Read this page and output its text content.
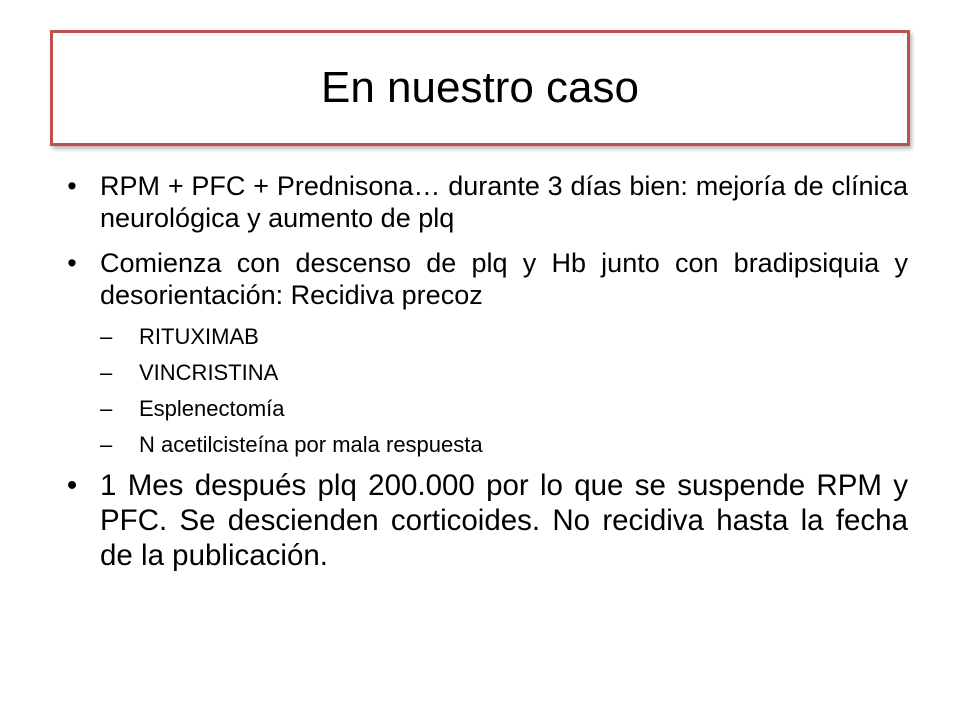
En nuestro caso
• RPM + PFC + Prednisona… durante 3 días bien: mejoría de clínica neurológica y aumento de plq
• Comienza con descenso de plq y Hb junto con bradipsiquia y desorientación: Recidiva precoz
– RITUXIMAB
– VINCRISTINA
– Esplenectomía
– N acetilcisteína por mala respuesta
• 1 Mes después plq 200.000 por lo que se suspende RPM y PFC. Se descienden corticoides. No recidiva hasta la fecha de la publicación.
